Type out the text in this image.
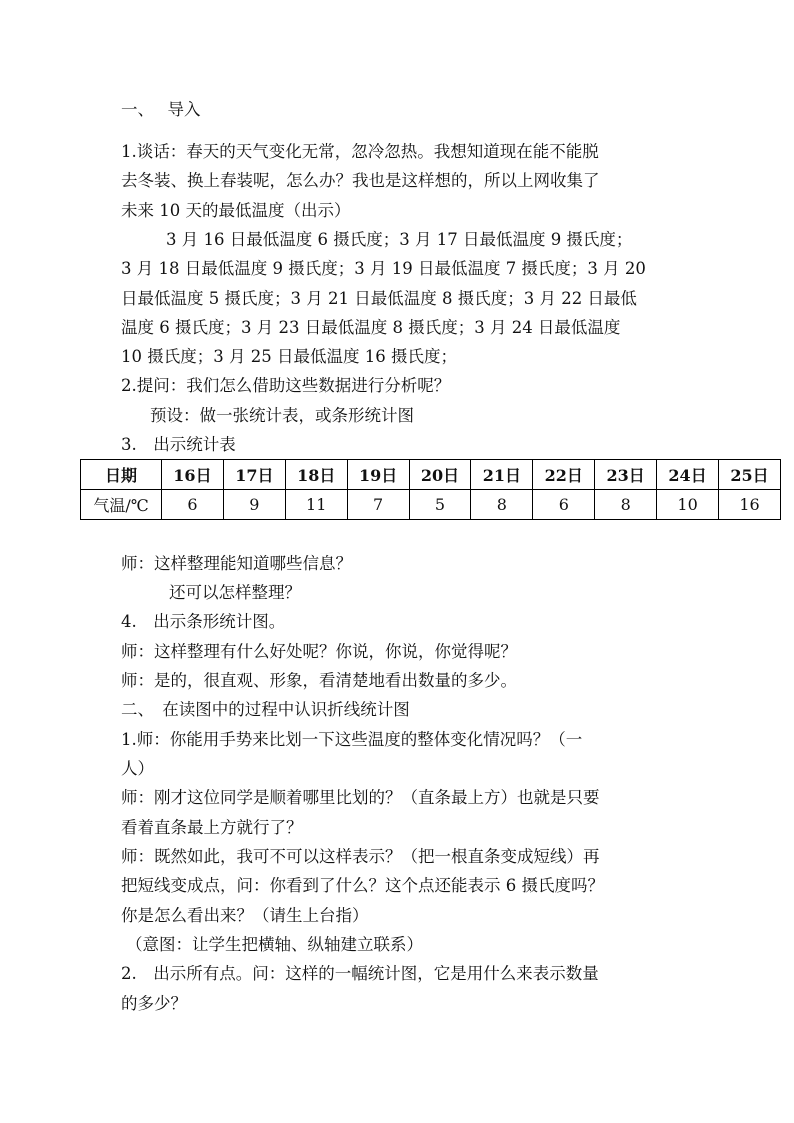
一、　 导入
1.谈话：春天的天气变化无常，忽冷忽热。我想知道现在能不能脱
去冬装、换上春装呢，怎么办？我也是这样想的，所以上网收集了
未来 10 天的最低温度（出示）
3 月 16 日最低温度 6 摄氏度；3 月 17 日最低温度 9 摄氏度；
3 月 18 日最低温度 9 摄氏度；3 月 19 日最低温度 7 摄氏度；3 月 20
日最低温度 5 摄氏度；3 月 21 日最低温度 8 摄氏度；3 月 22 日最低
温度 6 摄氏度；3 月 23 日最低温度 8 摄氏度；3 月 24 日最低温度
10 摄氏度；3 月 25 日最低温度 16 摄氏度；
2.提问：我们怎么借助这些数据进行分析呢？
预设：做一张统计表，或条形统计图
3.　出示统计表
日期	16日	17日	18日	19日	20日	21日	22日	23日	24日	25日
气温/℃	6	9	11	7	5	8	6	8	10	16
师：这样整理能知道哪些信息？
还可以怎样整理？
4.　出示条形统计图。
师：这样整理有什么好处呢？你说，你说，你觉得呢？
师：是的，很直观、形象，看清楚地看出数量的多少。
二、　在读图中的过程中认识折线统计图
1.师：你能用手势来比划一下这些温度的整体变化情况吗？（一
人）
师：刚才这位同学是顺着哪里比划的？（直条最上方）也就是只要
看着直条最上方就行了？
师：既然如此，我可不可以这样表示？（把一根直条变成短线）再
把短线变成点，问：你看到了什么？这个点还能表示 6 摄氏度吗？
你是怎么看出来？（请生上台指）
（意图：让学生把横轴、纵轴建立联系）
2.　出示所有点。问：这样的一幅统计图，它是用什么来表示数量
的多少？
